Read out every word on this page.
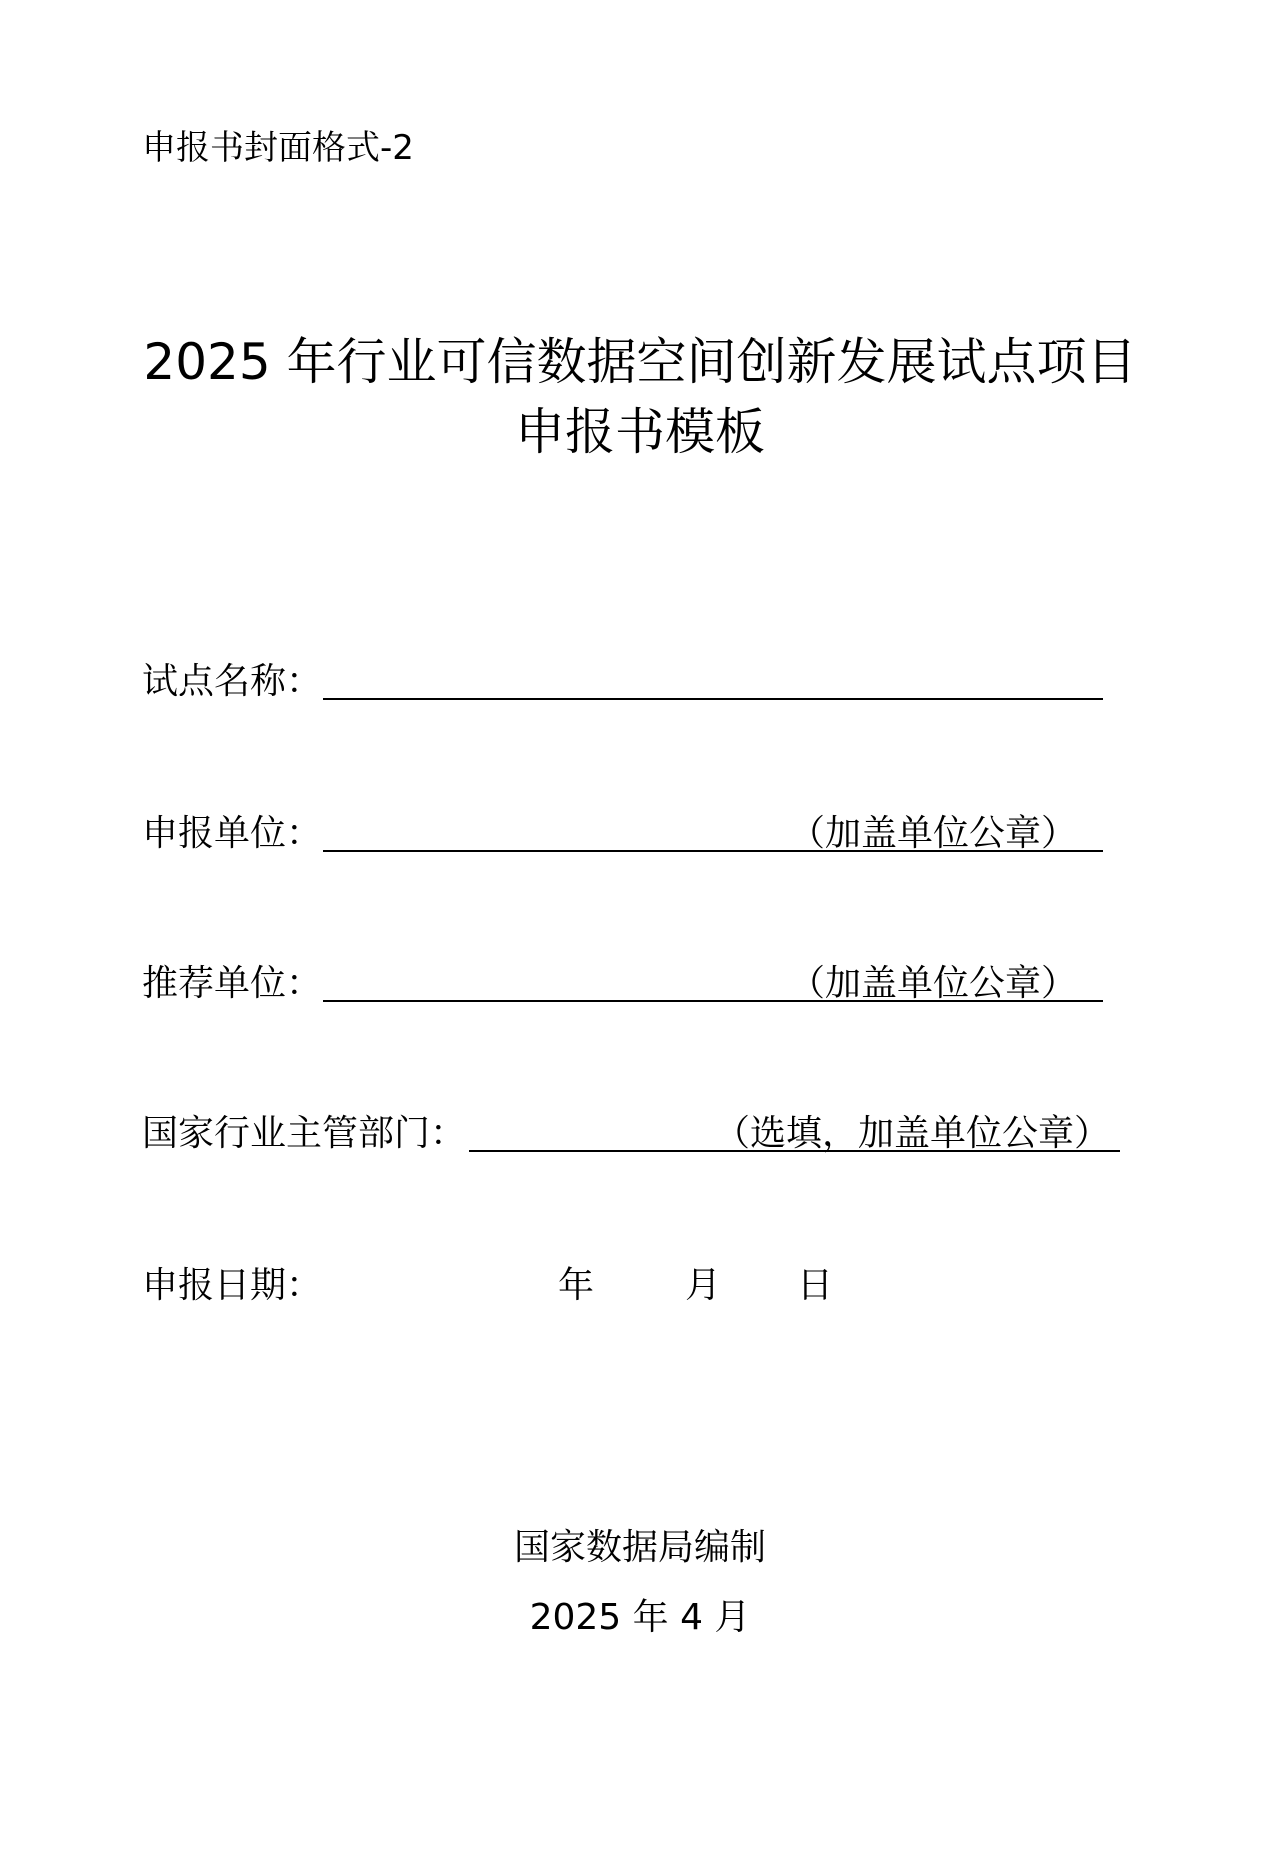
申报书封面格式-2
2025 年行业可信数据空间创新发展试点项目
申报书模板
试点名称：
申报单位：	（加盖单位公章）
推荐单位：	（加盖单位公章）
国家行业主管部门：	（选填，加盖单位公章）
申报日期：	年	月 日
国家数据局编制
2025 年 4 月
